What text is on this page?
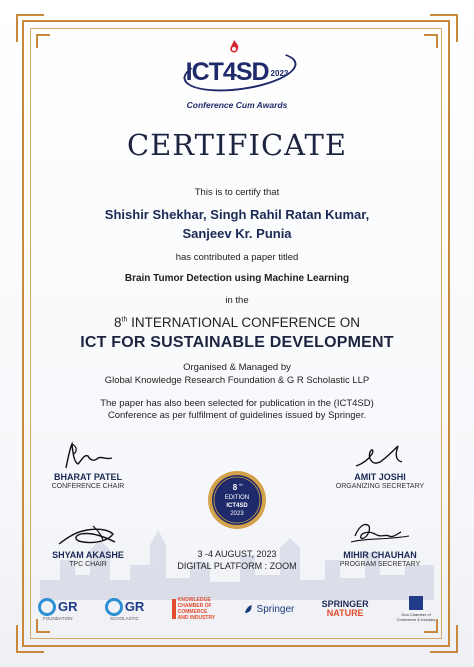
ICT4SD 2023
Conference Cum Awards
CERTIFICATE
This is to certify that
Shishir Shekhar, Singh Rahil Ratan Kumar,
Sanjeev Kr. Punia
has contributed a paper titled
Brain Tumor Detection using Machine Learning
in the
8th INTERNATIONAL CONFERENCE ON
ICT FOR SUSTAINABLE DEVELOPMENT
Organised & Managed by
Global Knowledge Research Foundation & G R Scholastic LLP
The paper has also been selected for publication in the (ICT4SD)
Conference as per fulfilment of guidelines issued by Springer.
BHARAT PATEL
CONFERENCE CHAIR
AMIT JOSHI
ORGANIZING SECRETARY
SHYAM AKASHE
TPC CHAIR
MIHIR CHAUHAN
PROGRAM SECRETARY
8 th
EDITION
ICT4SD
2023
3 -4 AUGUST, 2023
DIGITAL PLATFORM : ZOOM
GR
FOUNDATION
GR
SCHOLASTIC
KNOWLEDGE
CHAMBER OF
COMMERCE
AND INDUSTRY
Springer	SPRINGER
NATURE	Goa Chamber of Commerce & Industry
